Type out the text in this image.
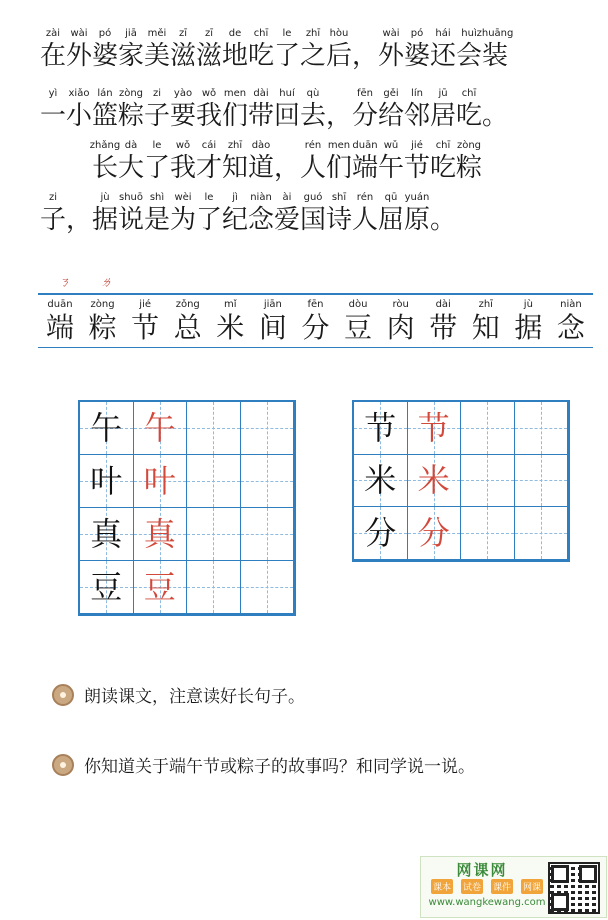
zài
在
wài
外
pó
婆
jiā
家
měi
美
zī
滋
zī
滋
de
地
chī
吃
le
了
zhī
之
hòu
后 ，
wài
外
pó
婆
hái
还
huì
会
zhuāng
装
yì
一
xiǎo
小
lán
篮
zòng
粽
zi
子
yào
要
wǒ
我
men
们
dài
带
huí
回
qù
去 ，
fēn
分
gěi
给
lín
邻
jū
居
chī
吃 。
zhǎng
长
dà
大
le
了
wǒ
我
cái
才
zhī
知
dào
道 ，
rén
人
men
们
duān
端
wǔ
午
jié
节
chī
吃
zòng
粽
zi
子 ，
jù
据
shuō
说
shì
是
wèi
为
le
了
jì
纪
niàn
念
ài
爱
guó
国
shī
诗
rén
人
qū
屈
yuán
原 。
ㄋ	ㄌ
duān
端
zòng
粽
jié
节
zǒng
总
mǐ
米
jiān
间
fēn
分
dòu
豆
ròu
肉
dài
带
zhī
知
jù
据
niàn
念
午 午
叶 叶
真 真
豆 豆
节 节
米 米
分 分
朗读课文，注意读好长句子。
你知道关于端午节或粽子的故事吗？和同学说一说。
网课网
课本 试卷 课件 网课
www.wangkewang.com
